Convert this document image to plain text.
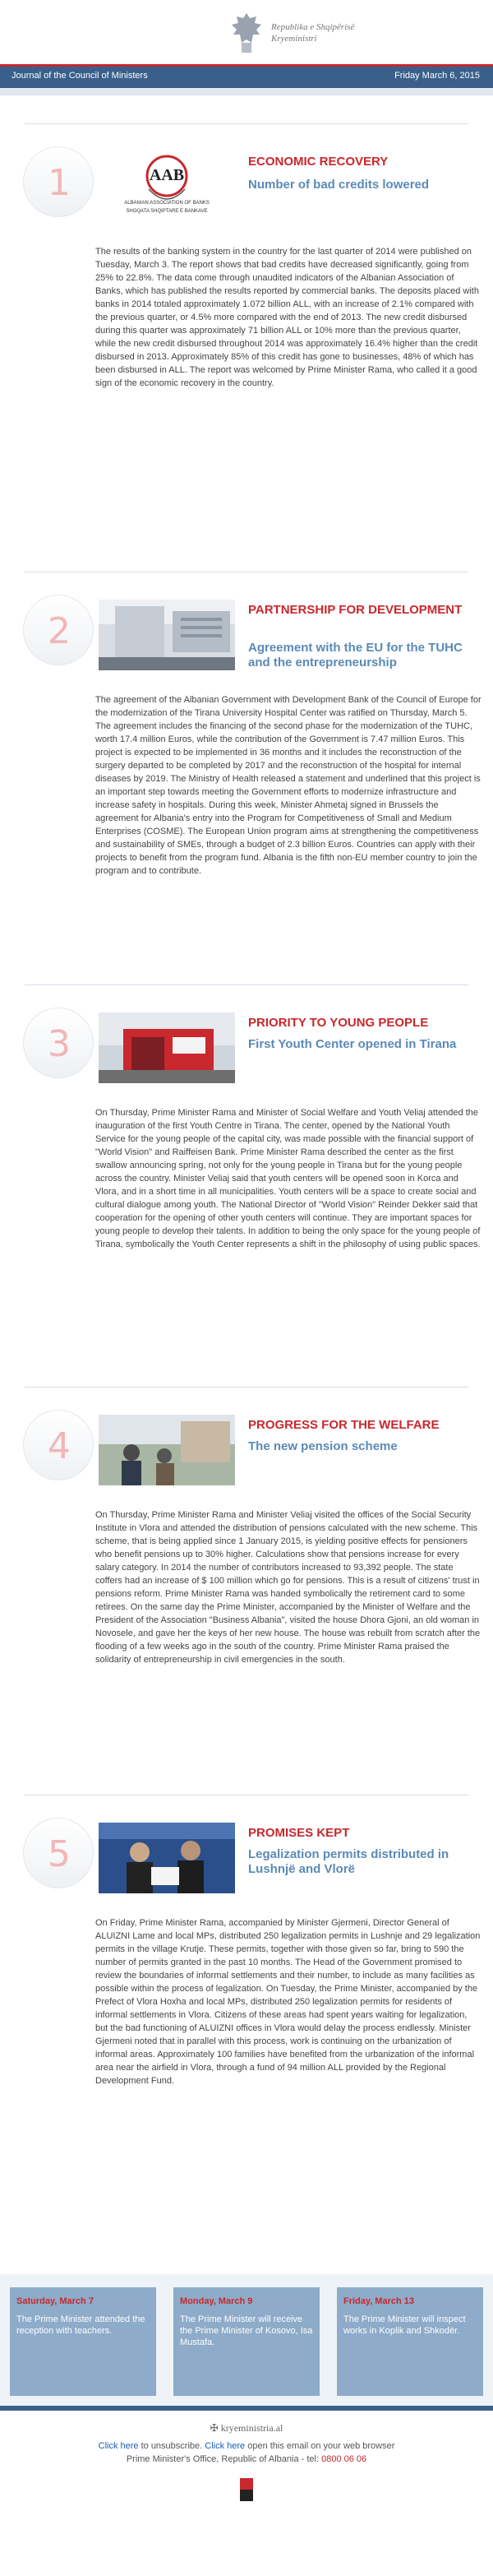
Republika e Shqipërisë
Kryeministri
Journal of the Council of Ministers	Friday March 6, 2015
1	AAB
ALBANIAN ASSOCIATION OF BANKS
SHOQATA SHQIPTARE E BANKAVE
ECONOMIC RECOVERY
Number of bad credits lowered
The results of the banking system in the country for the last quarter of 2014 were published on Tuesday, March 3. The report shows that bad credits have decreased significantly, going from 25% to 22.8%. The data come through unaudited indicators of the Albanian Association of Banks, which has published the results reported by commercial banks. The deposits placed with banks in 2014 totaled approximately 1.072 billion ALL, with an increase of 2.1% compared with the previous quarter, or 4.5% more compared with the end of 2013. The new credit disbursed during this quarter was approximately 71 billion ALL or 10% more than the previous quarter, while the new credit disbursed throughout 2014 was approximately 16.4% higher than the credit disbursed in 2013. Approximately 85% of this credit has gone to businesses, 48% of which has been disbursed in ALL. The report was welcomed by Prime Minister Rama, who called it a good sign of the economic recovery in the country.
2
PARTNERSHIP FOR DEVELOPMENT
Agreement with the EU for the TUHC and the entrepreneurship
The agreement of the Albanian Government with Development Bank of the Council of Europe for the modernization of the Tirana University Hospital Center was ratified on Thursday, March 5. The agreement includes the financing of the second phase for the modernization of the TUHC, worth 17.4 million Euros, while the contribution of the Government is 7.47 million Euros. This project is expected to be implemented in 36 months and it includes the reconstruction of the surgery departed to be completed by 2017 and the reconstruction of the hospital for internal diseases by 2019. The Ministry of Health released a statement and underlined that this project is an important step towards meeting the Government efforts to modernize infrastructure and increase safety in hospitals. During this week, Minister Ahmetaj signed in Brussels the agreement for Albania's entry into the Program for Competitiveness of Small and Medium Enterprises (COSME). The European Union program aims at strengthening the competitiveness and sustainability of SMEs, through a budget of 2.3 billion Euros. Countries can apply with their projects to benefit from the program fund. Albania is the fifth non-EU member country to join the program and to contribute.
3
PRIORITY TO YOUNG PEOPLE
First Youth Center opened in Tirana
On Thursday, Prime Minister Rama and Minister of Social Welfare and Youth Veliaj attended the inauguration of the first Youth Centre in Tirana. The center, opened by the National Youth Service for the young people of the capital city, was made possible with the financial support of "World Vision" and Raiffeisen Bank. Prime Minister Rama described the center as the first swallow announcing spring, not only for the young people in Tirana but for the young people across the country. Minister Veliaj said that youth centers will be opened soon in Korca and Vlora, and in a short time in all municipalities. Youth centers will be a space to create social and cultural dialogue among youth. The National Director of "World Vision" Reinder Dekker said that cooperation for the opening of other youth centers will continue. They are important spaces for young people to develop their talents. In addition to being the only space for the young people of Tirana, symbolically the Youth Center represents a shift in the philosophy of using public spaces.
4
PROGRESS FOR THE WELFARE
The new pension scheme
On Thursday, Prime Minister Rama and Minister Veliaj visited the offices of the Social Security Institute in Vlora and attended the distribution of pensions calculated with the new scheme. This scheme, that is being applied since 1 January 2015, is yielding positive effects for pensioners who benefit pensions up to 30% higher. Calculations show that pensions increase for every salary category. In 2014 the number of contributors increased to 93,392 people. The state coffers had an increase of $ 100 million which go for pensions. This is a result of citizens' trust in pensions reform. Prime Minister Rama was handed symbolically the retirement card to some retirees. On the same day the Prime Minister, accompanied by the Minister of Welfare and the President of the Association "Business Albania", visited the house Dhora Gjoni, an old woman in Novosele, and gave her the keys of her new house. The house was rebuilt from scratch after the flooding of a few weeks ago in the south of the country. Prime Minister Rama praised the solidarity of entrepreneurship in civil emergencies in the south.
5
PROMISES KEPT
Legalization permits distributed in Lushnjë and Vlorë
On Friday, Prime Minister Rama, accompanied by Minister Gjermeni, Director General of ALUIZNI Lame and local MPs, distributed 250 legalization permits in Lushnje and 29 legalization permits in the village Krutje. These permits, together with those given so far, bring to 590 the number of permits granted in the past 10 months. The Head of the Government promised to review the boundaries of informal settlements and their number, to include as many facilities as possible within the process of legalization. On Tuesday, the Prime Minister, accompanied by the Prefect of Vlora Hoxha and local MPs, distributed 250 legalization permits for residents of informal settlements in Vlora. Citizens of these areas had spent years waiting for legalization, but the bad functioning of ALUIZNI offices in Vlora would delay the process endlessly. Minister Gjermeni noted that in parallel with this process, work is continuing on the urbanization of informal areas. Approximately 100 families have benefited from the urbanization of the informal area near the airfield in Vlora, through a fund of 94 million ALL provided by the Regional Development Fund.
Saturday, March 7
The Prime Minister attended the reception with teachers.
Monday, March 9
The Prime Minister will receive the Prime Minister of Kosovo, Isa Mustafa.
Friday, March 13
The Prime Minister will inspect works in Koplik and Shkodër.
✠ kryeministria.al
Click here to unsubscribe. Click here open this email on your web browser
Prime Minister's Office, Republic of Albania - tel: 0800 06 06
